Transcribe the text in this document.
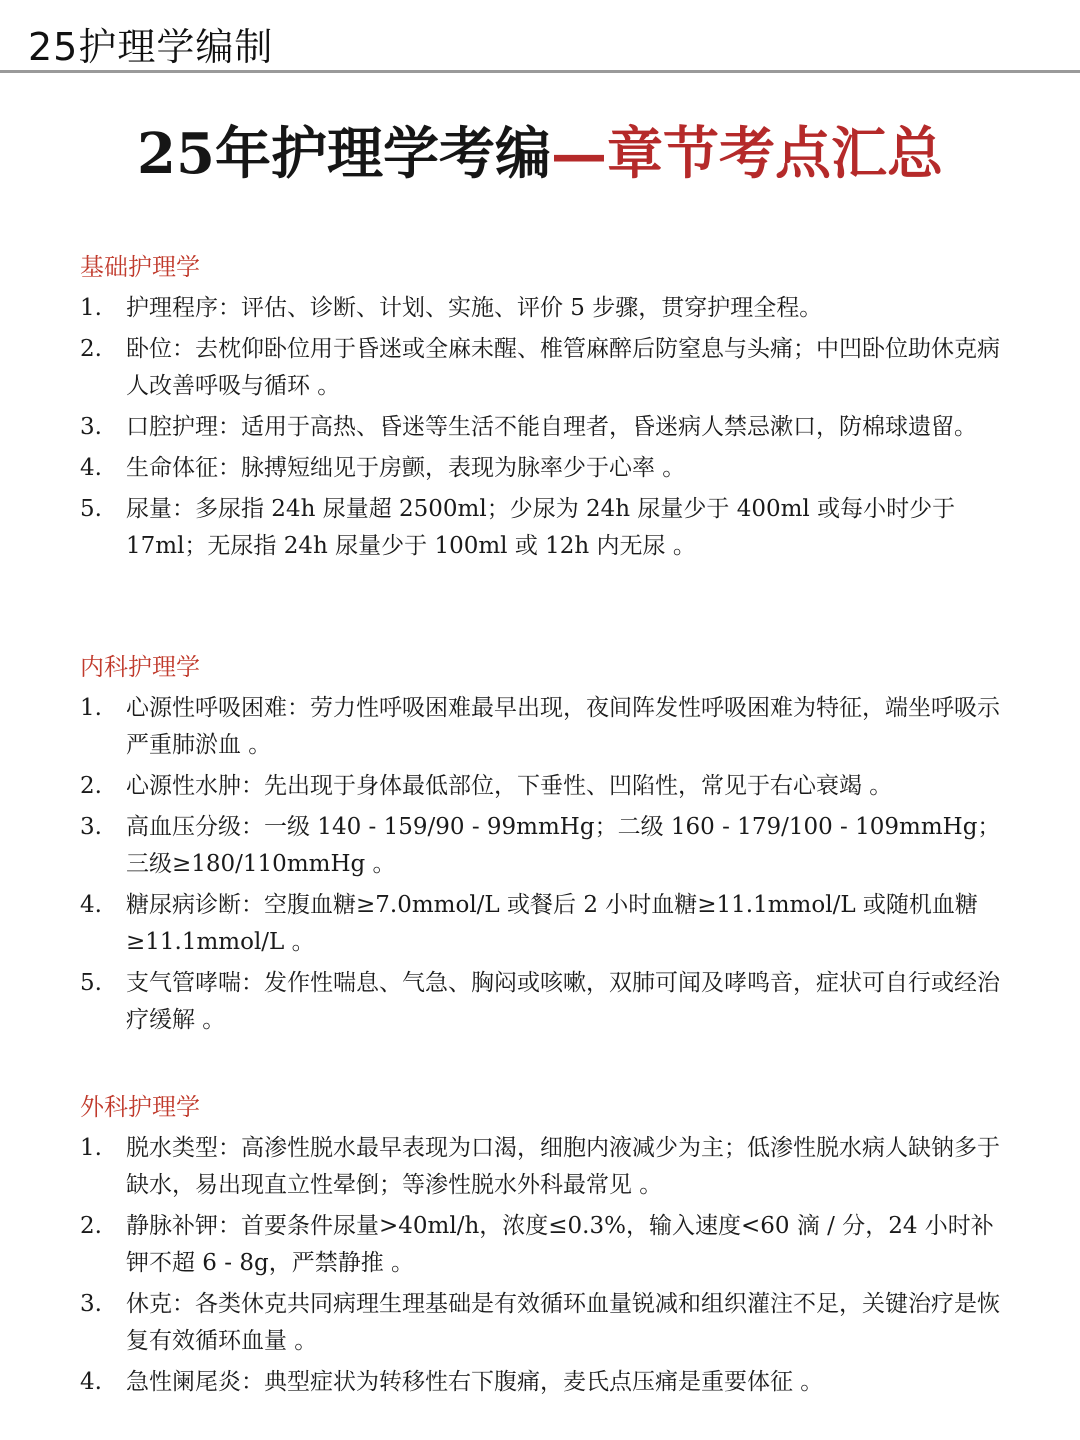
25护理学编制
25年护理学考编—章节考点汇总
基础护理学
1.	护理程序：评估、诊断、计划、实施、评价 5 步骤，贯穿护理全程。
2.	卧位：去枕仰卧位用于昏迷或全麻未醒、椎管麻醉后防窒息与头痛；中凹卧位助休克病人改善呼吸与循环 。
3.	口腔护理：适用于高热、昏迷等生活不能自理者，昏迷病人禁忌漱口，防棉球遗留。
4.	生命体征：脉搏短绌见于房颤，表现为脉率少于心率 。
5.	尿量：多尿指 24h 尿量超 2500ml；少尿为 24h 尿量少于 400ml 或每小时少于 17ml；无尿指 24h 尿量少于 100ml 或 12h 内无尿 。
内科护理学
1.	心源性呼吸困难：劳力性呼吸困难最早出现，夜间阵发性呼吸困难为特征，端坐呼吸示严重肺淤血 。
2.	心源性水肿：先出现于身体最低部位，下垂性、凹陷性，常见于右心衰竭 。
3.	高血压分级：一级 140 - 159/90 - 99mmHg；二级 160 - 179/100 - 109mmHg；三级≥180/110mmHg 。
4.	糖尿病诊断：空腹血糖≥7.0mmol/L 或餐后 2 小时血糖≥11.1mmol/L 或随机血糖≥11.1mmol/L 。
5.	支气管哮喘：发作性喘息、气急、胸闷或咳嗽，双肺可闻及哮鸣音，症状可自行或经治疗缓解 。
外科护理学
1.	脱水类型：高渗性脱水最早表现为口渴，细胞内液减少为主；低渗性脱水病人缺钠多于缺水，易出现直立性晕倒；等渗性脱水外科最常见 。
2.	静脉补钾：首要条件尿量>40ml/h，浓度≤0.3%，输入速度<60 滴 / 分，24 小时补钾不超 6 - 8g，严禁静推 。
3.	休克：各类休克共同病理生理基础是有效循环血量锐减和组织灌注不足，关键治疗是恢复有效循环血量 。
4.	急性阑尾炎：典型症状为转移性右下腹痛，麦氏点压痛是重要体征 。
